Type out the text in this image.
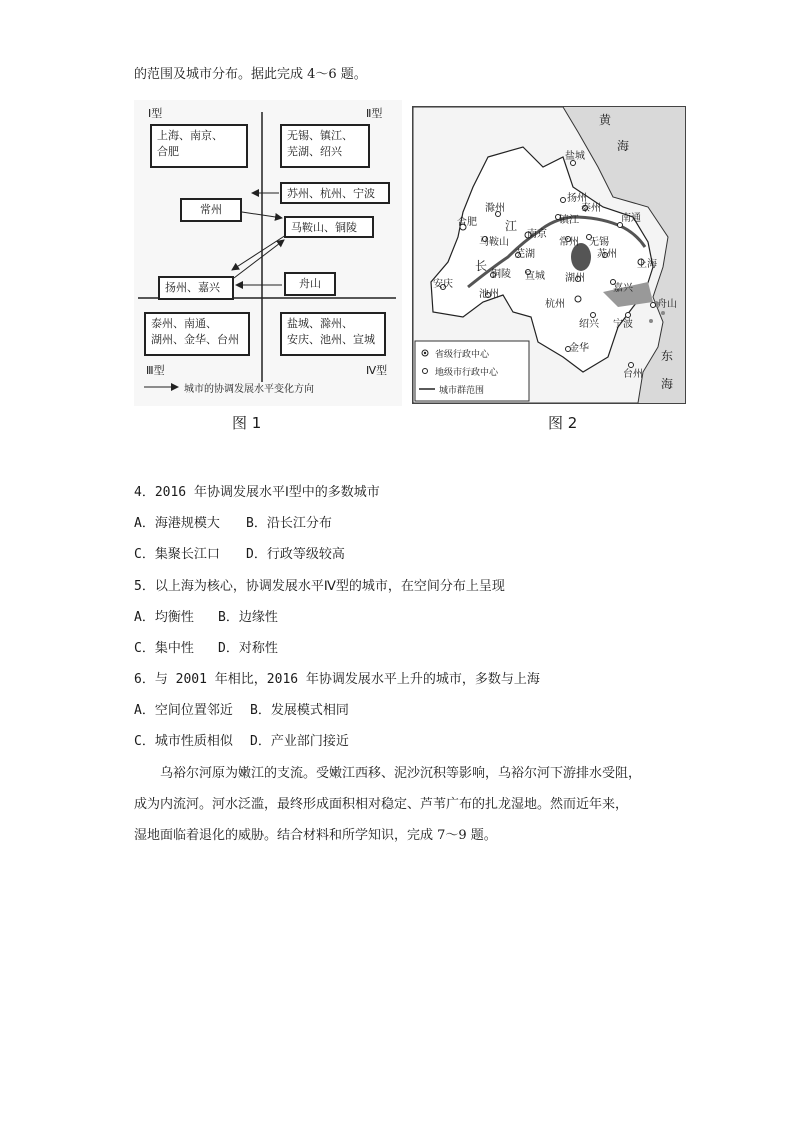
的范围及城市分布。据此完成 4～6 题。
Ⅰ型	Ⅱ型
Ⅲ型	Ⅳ型
上海、南京、
合肥
无锡、镇江、
芜湖、绍兴
苏州、杭州、宁波
常州
马鞍山、铜陵
扬州、嘉兴	舟山
泰州、南通、
湖州、金华、台州
盐城、滁州、
安庆、池州、宣城
城市的协调发展水平变化方向
图 1
盐城
扬州
泰州
滁州
南通
合肥	镇江
马鞍山
南京
常州 无锡
苏州
上海
芜湖
安庆
铜陵 宣城 湖州
嘉兴
池州
杭州
绍兴 宁波
舟山
金华
台州
黄
海
东
海
长
江
省级行政中心
地级市行政中心
城市群范围
图 2
4．2016 年协调发展水平Ⅰ型中的多数城市
A．海港规模大 B．沿长江分布
C．集聚长江口 D．行政等级较高
5．以上海为核心，协调发展水平Ⅳ型的城市，在空间分布上呈现
A．均衡性 B．边缘性
C．集中性 D．对称性
6．与 2001 年相比，2016 年协调发展水平上升的城市，多数与上海
A．空间位置邻近 B．发展模式相同
C．城市性质相似 D．产业部门接近
乌裕尔河原为嫩江的支流。受嫩江西移、泥沙沉积等影响，乌裕尔河下游排水受阻，
成为内流河。河水泛滥，最终形成面积相对稳定、芦苇广布的扎龙湿地。然而近年来，
湿地面临着退化的威胁。结合材料和所学知识，完成 7～9 题。
